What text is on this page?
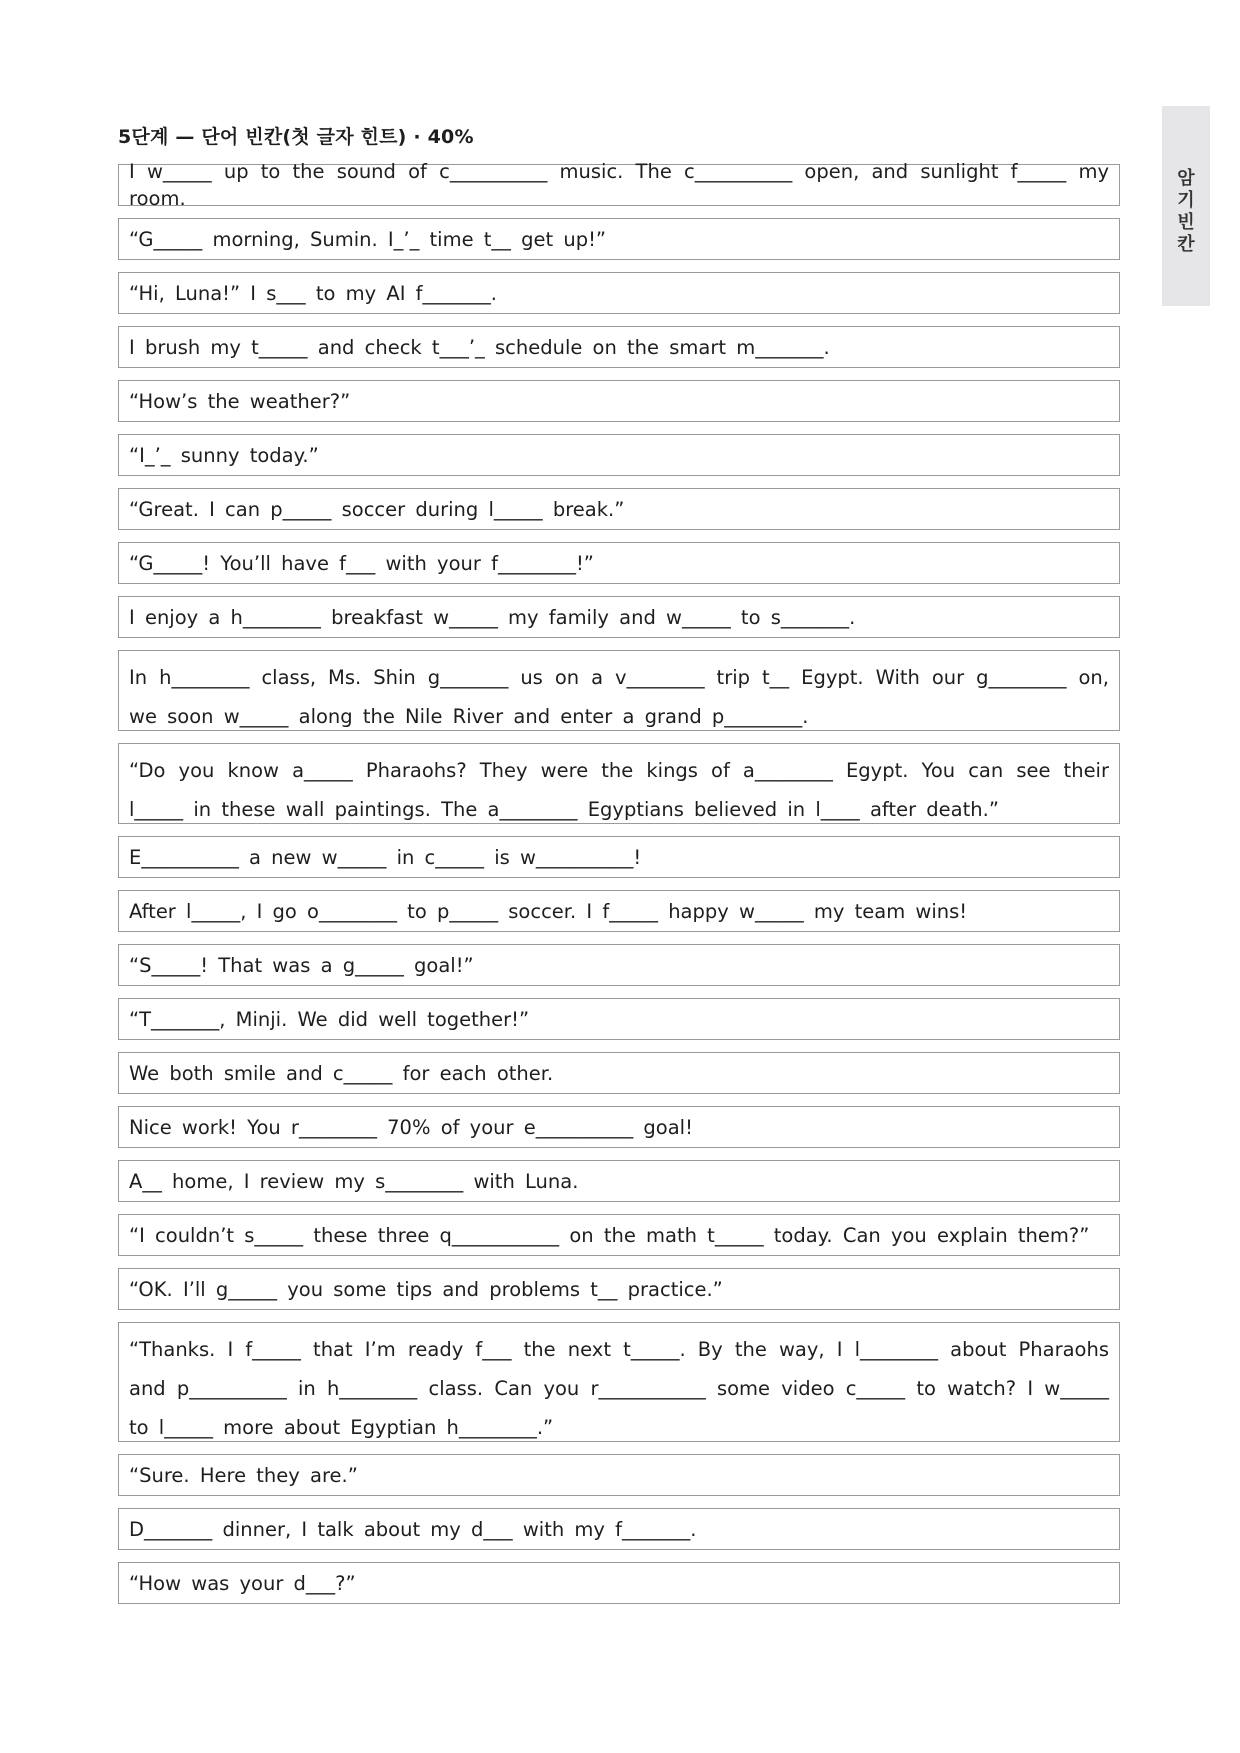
5단계 — 단어 빈칸(첫 글자 힌트) · 40%
암
기
빈
칸
I w_____ up to the sound of c__________ music. The c__________ open, and sunlight f_____ my room.
“G_____ morning, Sumin. I_’_ time t__ get up!”
“Hi, Luna!” I s___ to my AI f_______.
I brush my t_____ and check t___’_ schedule on the smart m_______.
“How’s the weather?”
“I_’_ sunny today.”
“Great. I can p_____ soccer during l_____ break.”
“G_____! You’ll have f___ with your f________!”
I enjoy a h________ breakfast w_____ my family and w_____ to s_______.
In h________ class, Ms. Shin g_______ us on a v________ trip t__ Egypt. With our g________ on, we soon w_____ along the Nile River and enter a grand p________.
“Do you know a_____ Pharaohs? They were the kings of a________ Egypt. You can see their l_____ in these wall paintings. The a________ Egyptians believed in l____ after death.”
E__________ a new w_____ in c_____ is w__________!
After l_____, I go o________ to p_____ soccer. I f_____ happy w_____ my team wins!
“S_____! That was a g_____ goal!”
“T_______, Minji. We did well together!”
We both smile and c_____ for each other.
Nice work! You r________ 70% of your e__________ goal!
A__ home, I review my s________ with Luna.
“I couldn’t s_____ these three q___________ on the math t_____ today. Can you explain them?”
“OK. I’ll g_____ you some tips and problems t__ practice.”
“Thanks. I f_____ that I’m ready f___ the next t_____. By the way, I l________ about Pharaohs and p__________ in h________ class. Can you r___________ some video c_____ to watch? I w_____ to l_____ more about Egyptian h________.”
“Sure. Here they are.”
D_______ dinner, I talk about my d___ with my f_______.
“How was your d___?”
